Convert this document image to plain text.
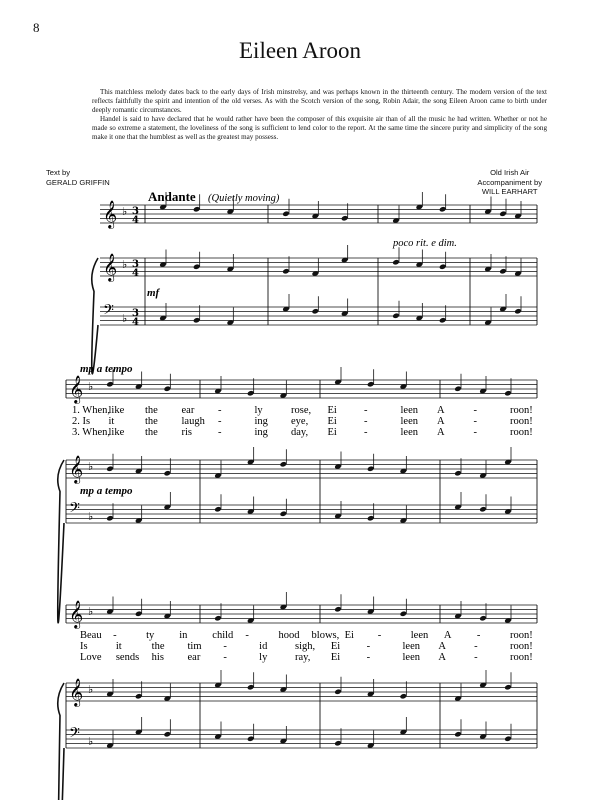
8
Eileen Aroon

This matchless melody dates back to the early days of Irish minstrelsy, and was perhaps known in the thirteenth century. The modern version of the text reflects faithfully the spirit and intention of the old verses. As with the Scotch version of the song, Robin Adair, the song Eileen Aroon came to birth under deeply romantic circumstances.

Handel is said to have declared that he would rather have been the composer of this exquisite air than of all the music he had written. Whether or not he made so extreme a statement, the loveliness of the song is sufficient to lend color to the report. At the same time the sincere purity and simplicity of the song make it one that the humblest as well as the greatest may possess.

Text by
GERALD GRIFFIN
Old Irish Air
Accompaniment by
WILL EARHART
𝄞 ♭ 3
4
𝄞 ♭ 3
4
𝄢 ♭ 3
4
𝄞 ♭
𝄞 ♭
𝄢 ♭
𝄞 ♭
𝄞 ♭
𝄢 ♭
Andante (Quietly moving)
mf
poco rit. e dim.
mp a tempo
mp a tempo
1. When,
like the ear -	ly	rose, Ei	-	leen A	-	roon!
2. Is it	the laugh -	ing eye, Ei	-	leen A	-	roon!
3. When,
like the ris -	ing day, Ei	-	leen A	-	roon!
Beau -	ty in child -	hood blows, Ei -	leen A -	roon!
Is	it	the tim -	id	sigh, Ei	-	leen A	-	roon!
Love sends his ear -	ly	ray, Ei	-	leen A	-	roon!
